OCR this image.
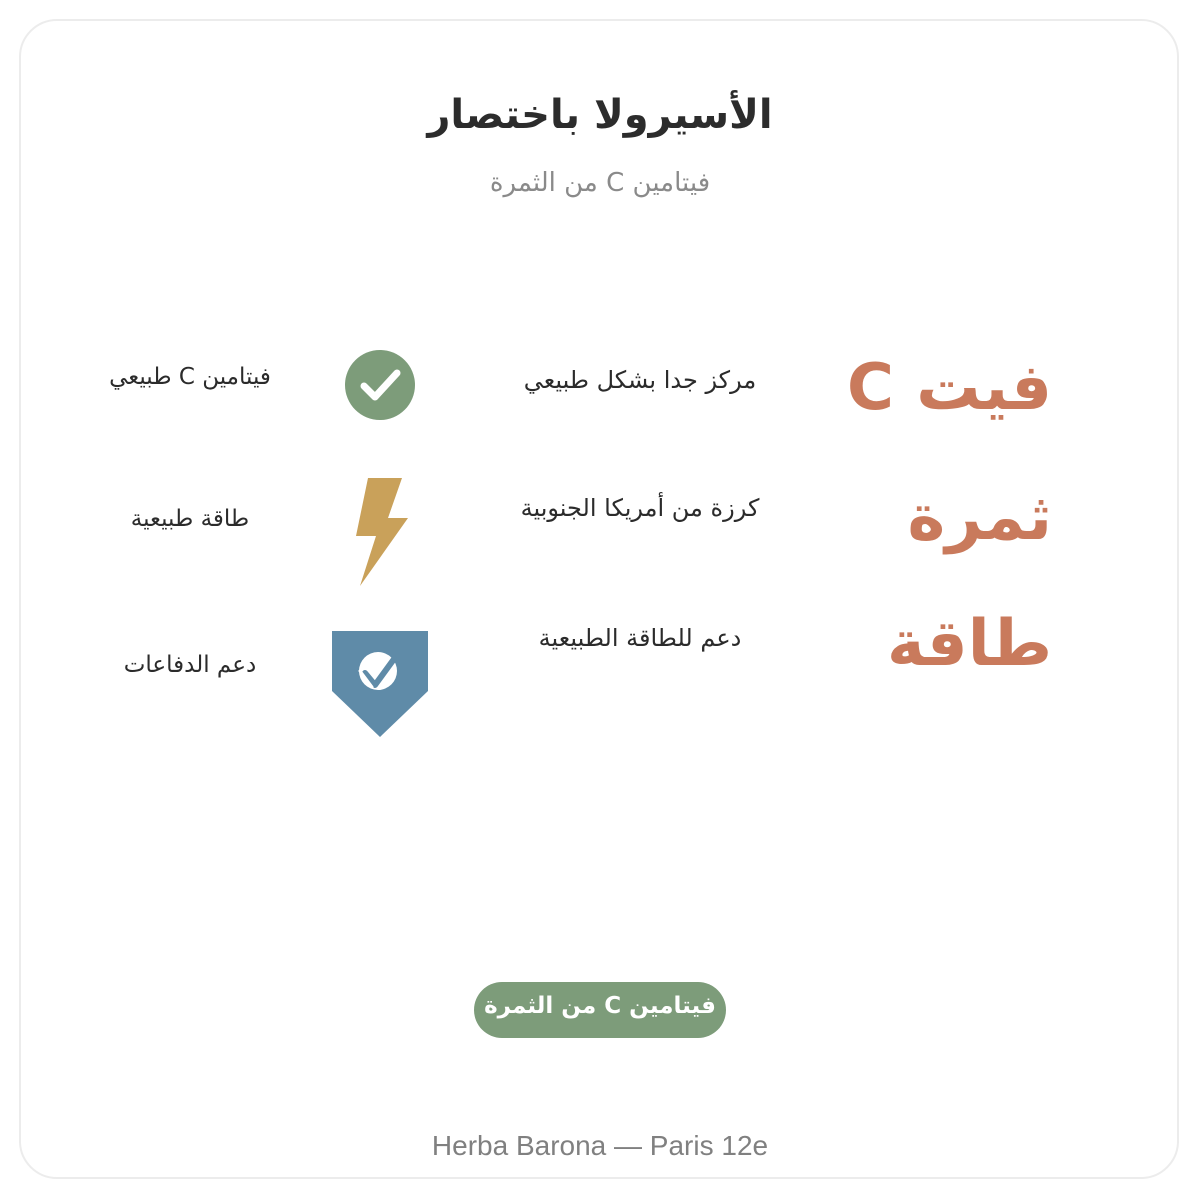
الأسيرولا باختصار
فيتامين C من الثمرة
فيت C
ثمرة
طاقة
مركز جدا بشكل طبيعي
كرزة من أمريكا الجنوبية
دعم للطاقة الطبيعية
فيتامين C طبيعي
طاقة طبيعية
دعم الدفاعات
فيتامين C من الثمرة
Herba Barona — Paris 12e
